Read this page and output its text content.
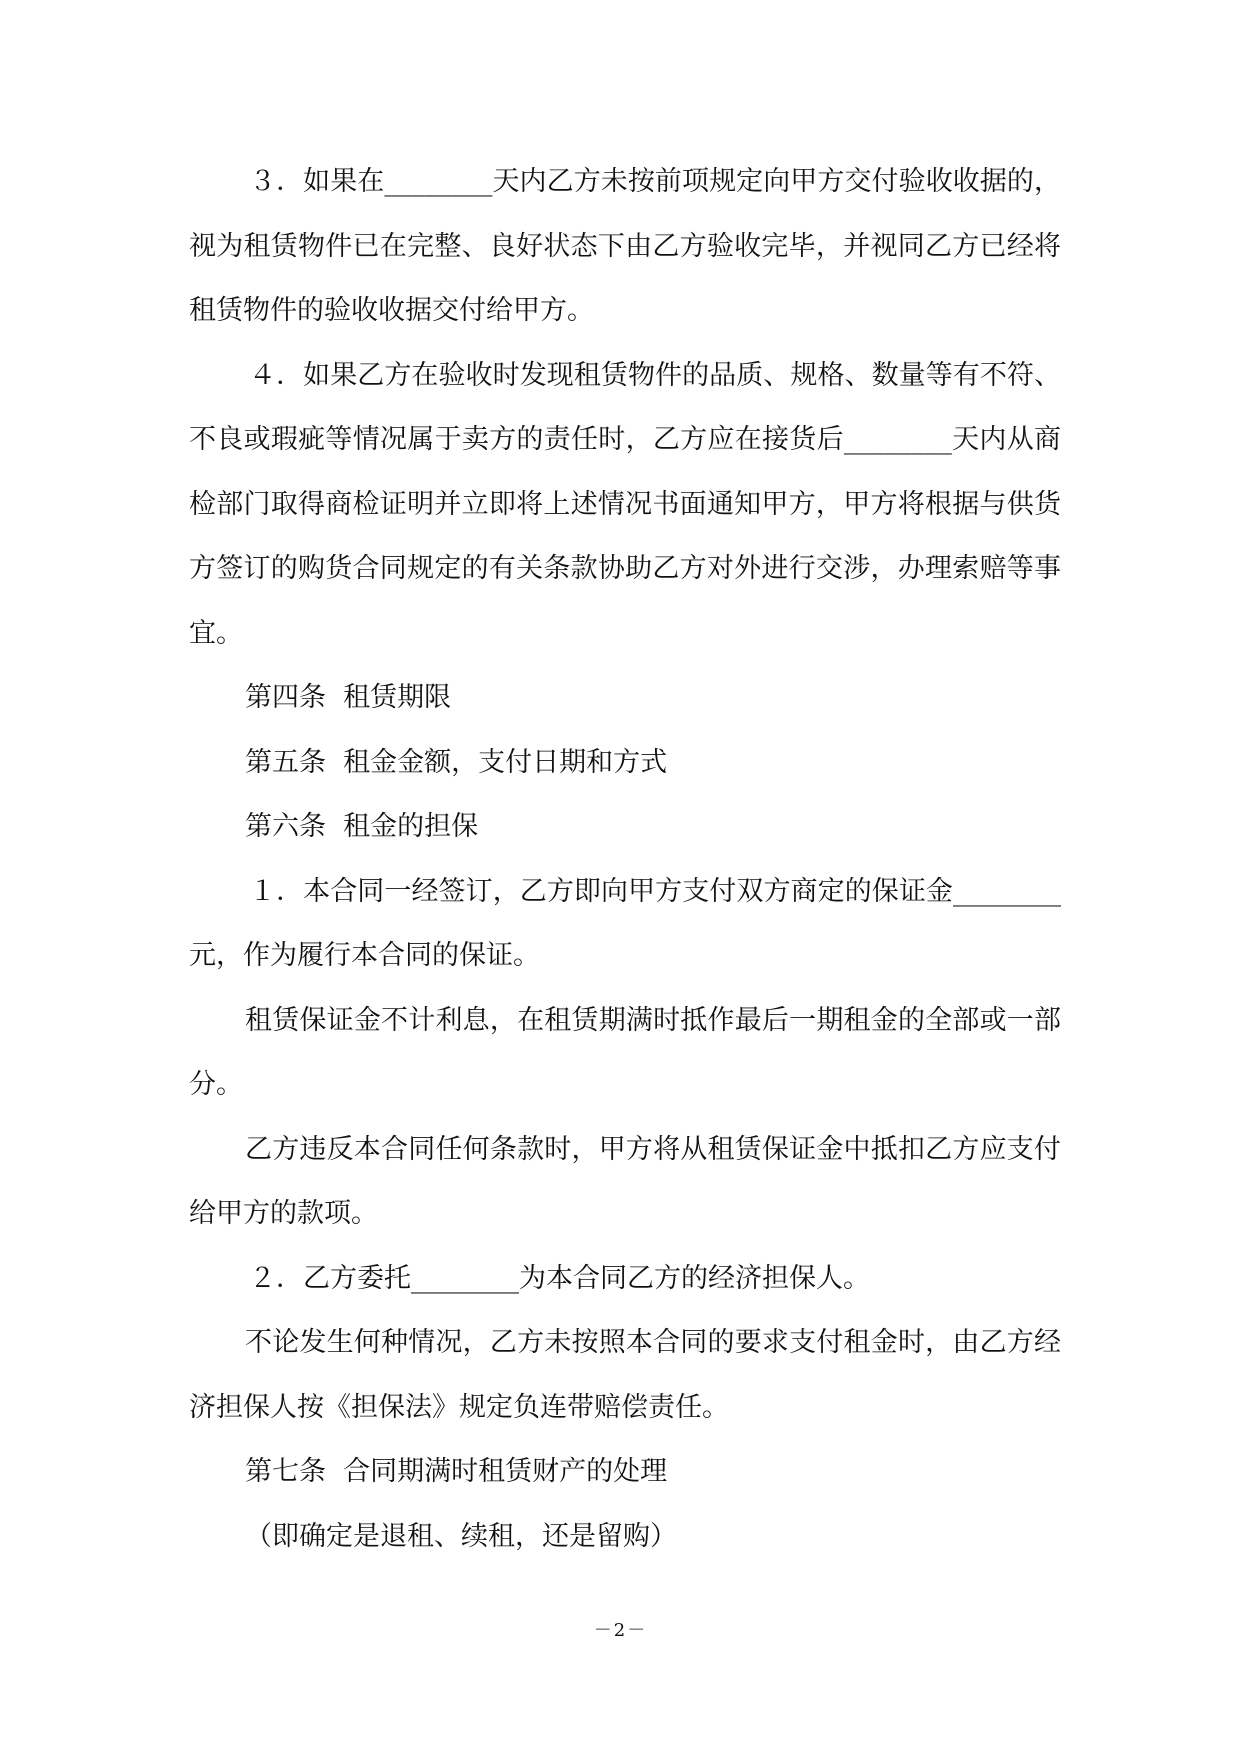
３．如果在________天内乙方未按前项规定向甲方交付验收收据的，视为租赁物件已在完整、良好状态下由乙方验收完毕，并视同乙方已经将租赁物件的验收收据交付给甲方。

４．如果乙方在验收时发现租赁物件的品质、规格、数量等有不符、不良或瑕疵等情况属于卖方的责任时，乙方应在接货后________天内从商检部门取得商检证明并立即将上述情况书面通知甲方，甲方将根据与供货方签订的购货合同规定的有关条款协助乙方对外进行交涉，办理索赔等事宜。

第四条  租赁期限

第五条  租金金额，支付日期和方式

第六条  租金的担保

１．本合同一经签订，乙方即向甲方支付双方商定的保证金________元，作为履行本合同的保证。

租赁保证金不计利息，在租赁期满时抵作最后一期租金的全部或一部分。

乙方违反本合同任何条款时，甲方将从租赁保证金中抵扣乙方应支付给甲方的款项。

２．乙方委托________为本合同乙方的经济担保人。

不论发生何种情况，乙方未按照本合同的要求支付租金时，由乙方经济担保人按《担保法》规定负连带赔偿责任。

第七条  合同期满时租赁财产的处理

（即确定是退租、续租，还是留购）

－2－
